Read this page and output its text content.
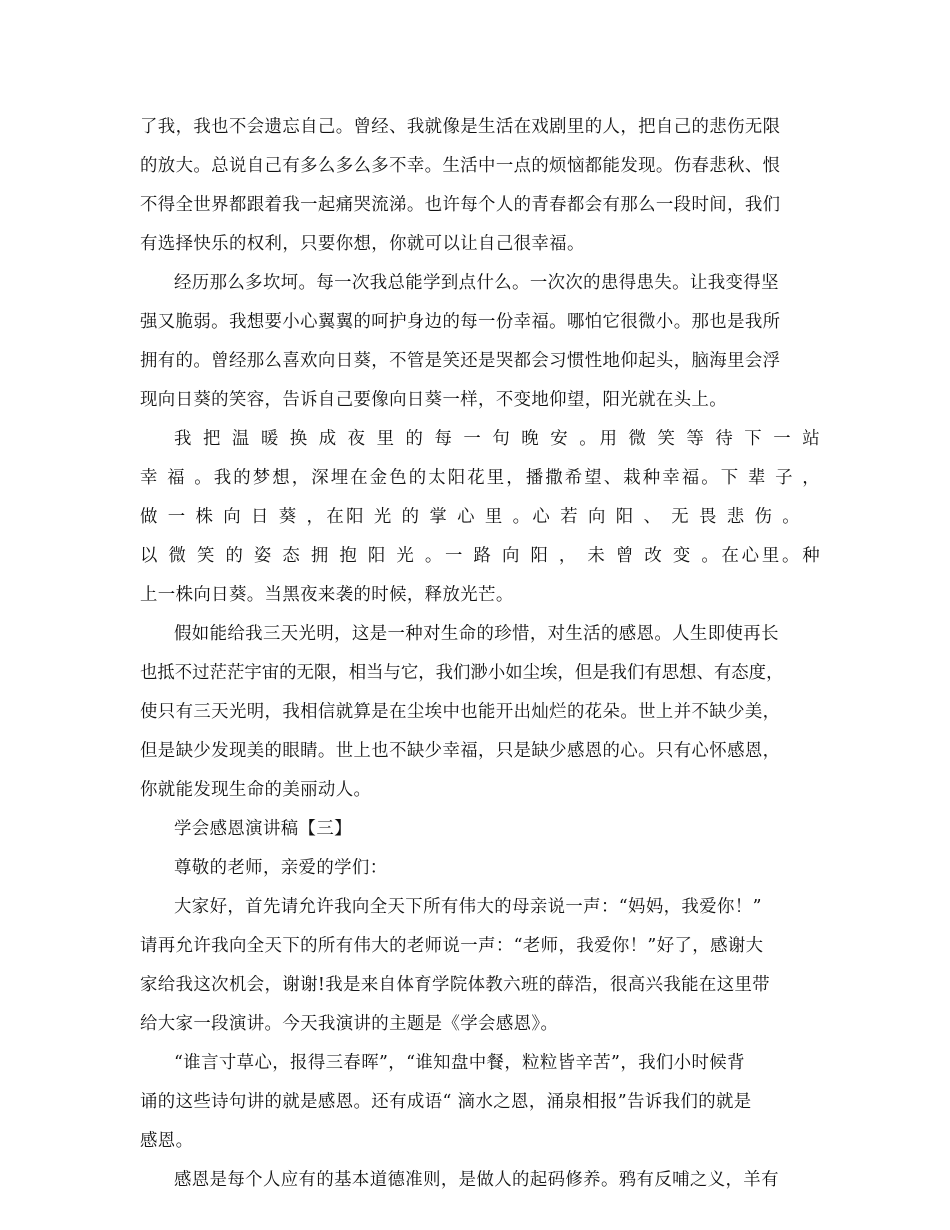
了我，我也不会遗忘自己。曾经、我就像是生活在戏剧里的人，把自己的悲伤无限
的放大。总说自己有多么多么多不幸。生活中一点的烦恼都能发现。伤春悲秋、恨
不得全世界都跟着我一起痛哭流涕。也许每个人的青春都会有那么一段时间，我们
有选择快乐的权利，只要你想，你就可以让自己很幸福。
经历那么多坎坷。每一次我总能学到点什么。一次次的患得患失。让我变得坚
强又脆弱。我想要小心翼翼的呵护身边的每一份幸福。哪怕它很微小。那也是我所
拥有的。曾经那么喜欢向日葵，不管是笑还是哭都会习惯性地仰起头，脑海里会浮
现向日葵的笑容，告诉自己要像向日葵一样，不变地仰望，阳光就在头上。
我 把 温 暖 换 成 夜 里 的 每 一 句 晚 安 。用 微 笑 等 待 下 一 站
幸 福 。我的梦想，深埋在金色的太阳花里，播撒希望、栽种幸福。下 辈 子 ，
做 一 株 向 日 葵 ，在阳 光 的 掌 心 里 。心 若 向 阳 、 无 畏 悲 伤 。
以 微 笑 的 姿 态 拥 抱 阳 光 。一 路 向 阳 ， 未 曾 改 变 。在心里。种
上一株向日葵。当黑夜来袭的时候，释放光芒。
假如能给我三天光明，这是一种对生命的珍惜，对生活的感恩。人生即使再长
也抵不过茫茫宇宙的无限，相当与它，我们渺小如尘埃，但是我们有思想、有态度，
使只有三天光明，我相信就算是在尘埃中也能开出灿烂的花朵。世上并不缺少美，
但是缺少发现美的眼睛。世上也不缺少幸福，只是缺少感恩的心。只有心怀感恩，
你就能发现生命的美丽动人。
学会感恩演讲稿【三】
尊敬的老师，亲爱的学们：
大家好，首先请允许我向全天下所有伟大的母亲说一声：“妈妈，我爱你！”
请再允许我向全天下的所有伟大的老师说一声：“老师，我爱你！”好了，感谢大
家给我这次机会，谢谢!我是来自体育学院体教六班的薛浩，很高兴我能在这里带
给大家一段演讲。今天我演讲的主题是《学会感恩》。
“谁言寸草心，报得三春晖”，“谁知盘中餐，粒粒皆辛苦”，我们小时候背
诵的这些诗句讲的就是感恩。还有成语“ 滴水之恩，涌泉相报”告诉我们的就是
感恩。
感恩是每个人应有的基本道德准则，是做人的起码修养。鸦有反哺之义，羊有
